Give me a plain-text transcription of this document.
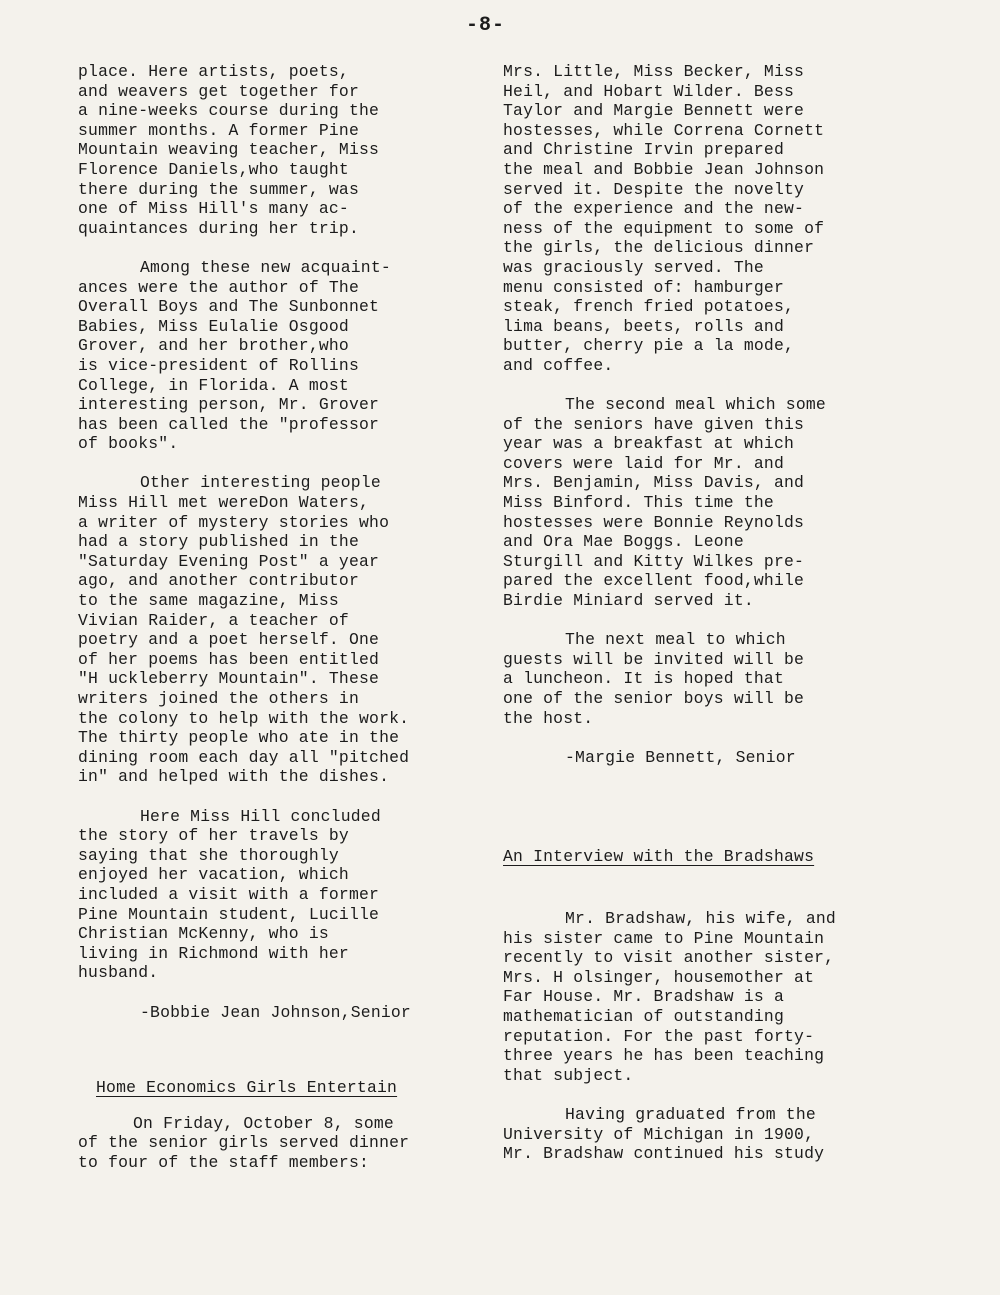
-8-
place. Here artists, poets,
and weavers get together for
a nine-weeks course during the
summer months. A former Pine
Mountain weaving teacher, Miss
Florence Daniels,who taught
there during the summer, was
one of Miss Hill's many ac-
quaintances during her trip.
Among these new acquaint-
ances were the author of The
Overall Boys and The Sunbonnet
Babies, Miss Eulalie Osgood
Grover, and her brother,who
is vice-president of Rollins
College, in Florida. A most
interesting person, Mr. Grover
has been called the "professor
of books".
Other interesting people
Miss Hill met wereDon Waters,
a writer of mystery stories who
had a story published in the
"Saturday Evening Post" a year
ago, and another contributor
to the same magazine, Miss
Vivian Raider, a teacher of
poetry and a poet herself. One
of her poems has been entitled
"H uckleberry Mountain". These
writers joined the others in
the colony to help with the work.
The thirty people who ate in the
dining room each day all "pitched
in" and helped with the dishes.
Here Miss Hill concluded
the story of her travels by
saying that she thoroughly
enjoyed her vacation, which
included a visit with a former
Pine Mountain student, Lucille
Christian McKenny, who is
living in Richmond with her
husband.
-Bobbie Jean Johnson,Senior
Home Economics Girls Entertain
On Friday, October 8, some
of the senior girls served dinner
to four of the staff members:
Mrs. Little, Miss Becker, Miss
Heil, and Hobart Wilder. Bess
Taylor and Margie Bennett were
hostesses, while Correna Cornett
and Christine Irvin prepared
the meal and Bobbie Jean Johnson
served it. Despite the novelty
of the experience and the new-
ness of the equipment to some of
the girls, the delicious dinner
was graciously served. The
menu consisted of: hamburger
steak, french fried potatoes,
lima beans, beets, rolls and
butter, cherry pie a la mode,
and coffee.
The second meal which some
of the seniors have given this
year was a breakfast at which
covers were laid for Mr. and
Mrs. Benjamin, Miss Davis, and
Miss Binford. This time the
hostesses were Bonnie Reynolds
and Ora Mae Boggs. Leone
Sturgill and Kitty Wilkes pre-
pared the excellent food,while
Birdie Miniard served it.
The next meal to which
guests will be invited will be
a luncheon. It is hoped that
one of the senior boys will be
the host.
-Margie Bennett, Senior
An Interview with the Bradshaws
Mr. Bradshaw, his wife, and
his sister came to Pine Mountain
recently to visit another sister,
Mrs. H olsinger, housemother at
Far House. Mr. Bradshaw is a
mathematician of outstanding
reputation. For the past forty-
three years he has been teaching
that subject.
Having graduated from the
University of Michigan in 1900,
Mr. Bradshaw continued his study
